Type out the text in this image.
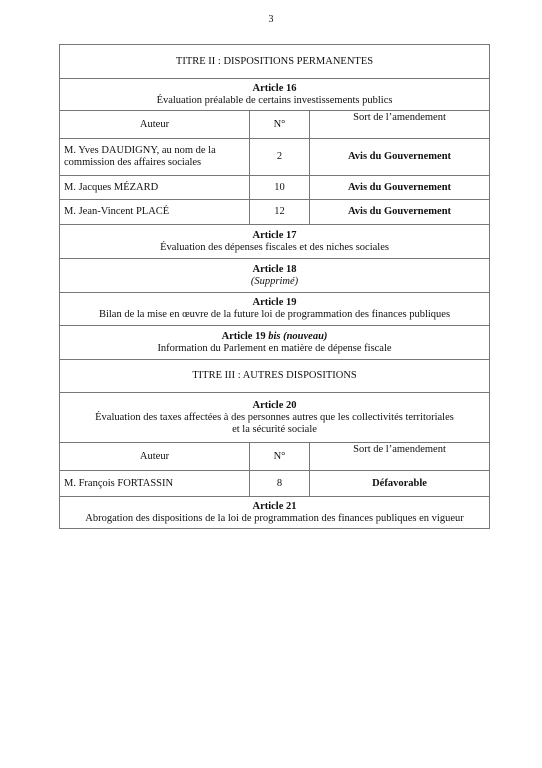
3
TITRE II : DISPOSITIONS PERMANENTES		

Article 16
Évaluation préalable de certains investissements publics		

Auteur	N°	Sort de l’amendement
M. Yves DAUDIGNY, au nom de la commission des affaires sociales	2	Avis du Gouvernement
M. Jacques MÉZARD	10	Avis du Gouvernement
M. Jean-Vincent PLACÉ	12	Avis du Gouvernement

Article 17
Évaluation des dépenses fiscales et des niches sociales		

Article 18
(Supprimé)		

Article 19
Bilan de la mise en œuvre de la future loi de programmation des finances publiques		

Article 19 bis (nouveau)
Information du Parlement en matière de dépense fiscale		

TITRE III : AUTRES DISPOSITIONS		

Article 20
Évaluation des taxes affectées à des personnes autres que les collectivités territoriales
et la sécurité sociale		

Auteur	N°	Sort de l’amendement
M. François FORTASSIN	8	Défavorable

Article 21
Abrogation des dispositions de la loi de programmation des finances publiques en vigueur		
